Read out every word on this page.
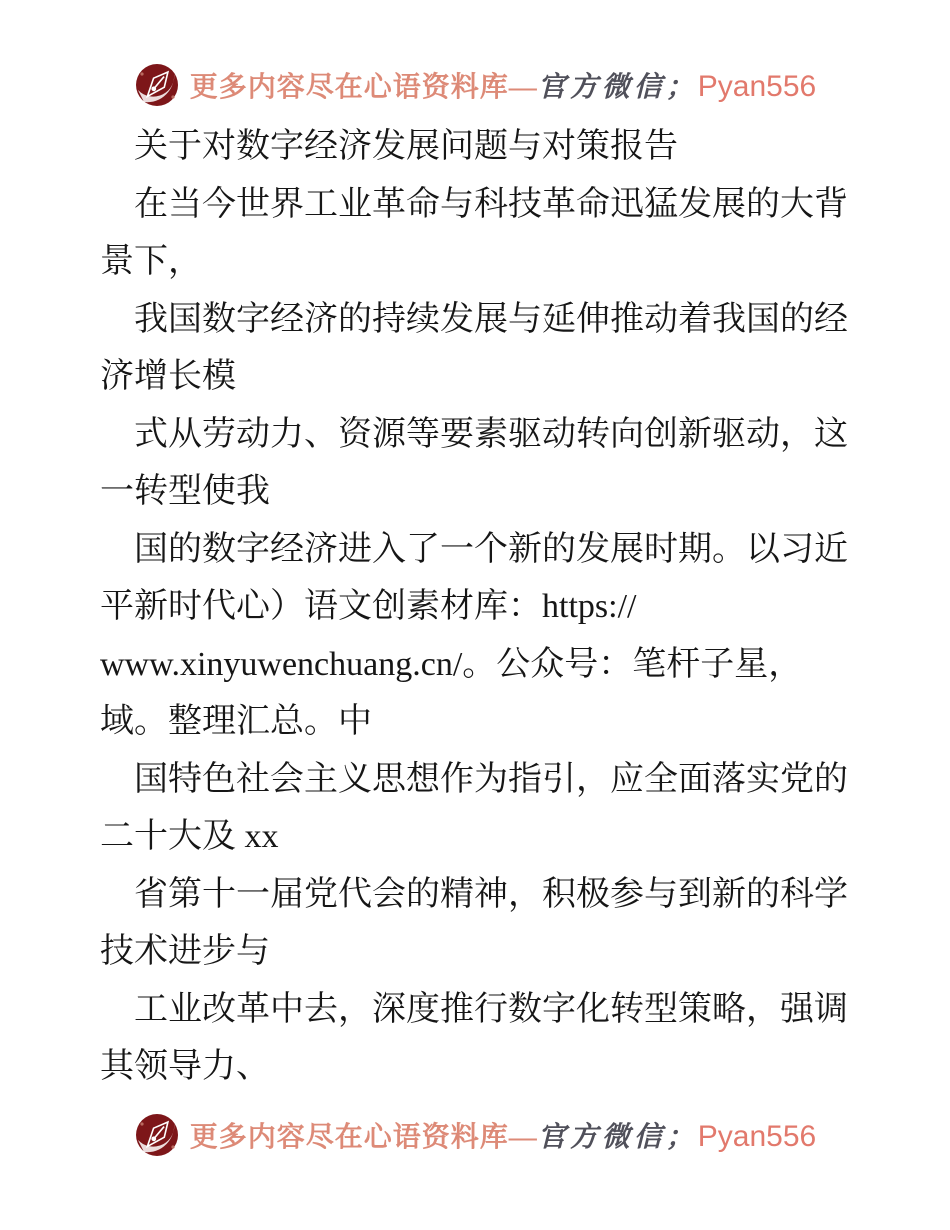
更多内容尽在心语资料库—官方微信；Pyan556
关于对数字经济发展问题与对策报告
在当今世界工业革命与科技革命迅猛发展的大背
景下，
我国数字经济的持续发展与延伸推动着我国的经
济增长模
式从劳动力、资源等要素驱动转向创新驱动，这
一转型使我
国的数字经济进入了一个新的发展时期。以习近
平新时代心）语文创素材库：https://
www.xinyuwenchuang.cn/。公众号：笔杆子星，
域。整理汇总。中
国特色社会主义思想作为指引，应全面落实党的
二十大及 xx
省第十一届党代会的精神，积极参与到新的科学
技术进步与
工业改革中去，深度推行数字化转型策略，强调
其领导力、
更多内容尽在心语资料库—官方微信；Pyan556
